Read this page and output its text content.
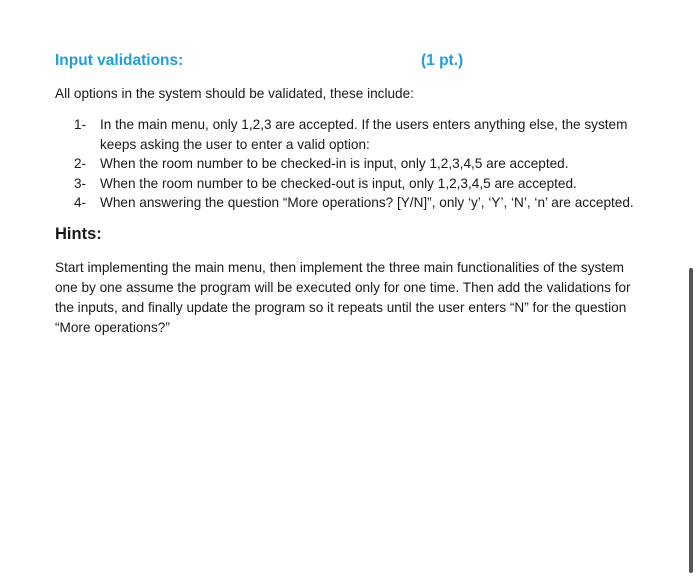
Input validations:	(1 pt.)
All options in the system should be validated, these include:
1- In the main menu, only 1,2,3 are accepted. If the users enters anything else, the system keeps asking the user to enter a valid option:
2- When the room number to be checked-in is input, only 1,2,3,4,5 are accepted.
3- When the room number to be checked-out is input, only 1,2,3,4,5 are accepted.
4- When answering the question “More operations? [Y/N]”, only ‘y’, ‘Y’, ‘N’, ‘n’ are accepted.
Hints:

Start implementing the main menu, then implement the three main functionalities of the system one by one assume the program will be executed only for one time. Then add the validations for the inputs, and finally update the program so it repeats until the user enters “N” for the question “More operations?”
